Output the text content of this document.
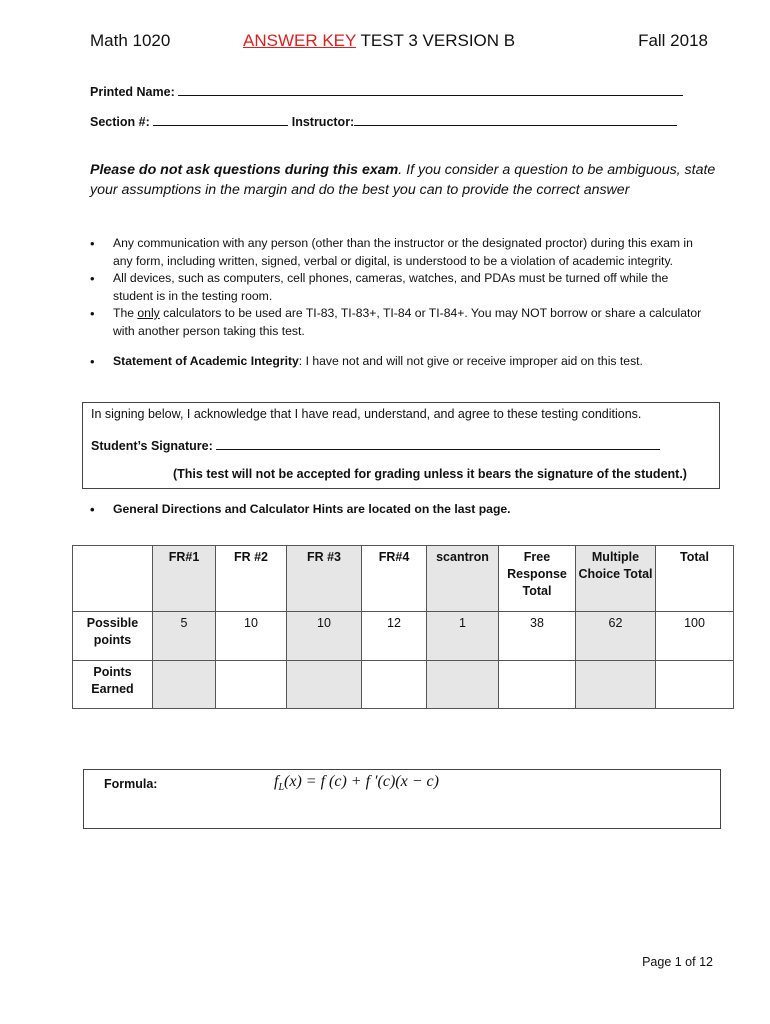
Math 1020	ANSWER KEY TEST 3 VERSION B	Fall 2018
Printed Name:
Section #:	Instructor:
Please do not ask questions during this exam. If you consider a question to be ambiguous, state your assumptions in the margin and do the best you can to provide the correct answer
• Any communication with any person (other than the instructor or the designated proctor) during this exam in any form, including written, signed, verbal or digital, is understood to be a violation of academic integrity.
• All devices, such as computers, cell phones, cameras, watches, and PDAs must be turned off while the student is in the testing room.
• The only calculators to be used are TI-83, TI-83+, TI-84 or TI-84+. You may NOT borrow or share a calculator with another person taking this test.
• Statement of Academic Integrity: I have not and will not give or receive improper aid on this test.
In signing below, I acknowledge that I have read, understand, and agree to these testing conditions.
Student’s Signature:
(This test will not be accepted for grading unless it bears the signature of the student.)
• General Directions and Calculator Hints are located on the last page.
	FR#1	FR #2	FR #3	FR#4	scantron	Free Response Total	Multiple Choice Total	Total
Possible points	5	10	10	12	1	38	62	100
Points Earned								
Formula:	$f_L(x) = f$ (c) + f ′(c)(x − c)
Page 1 of 12
